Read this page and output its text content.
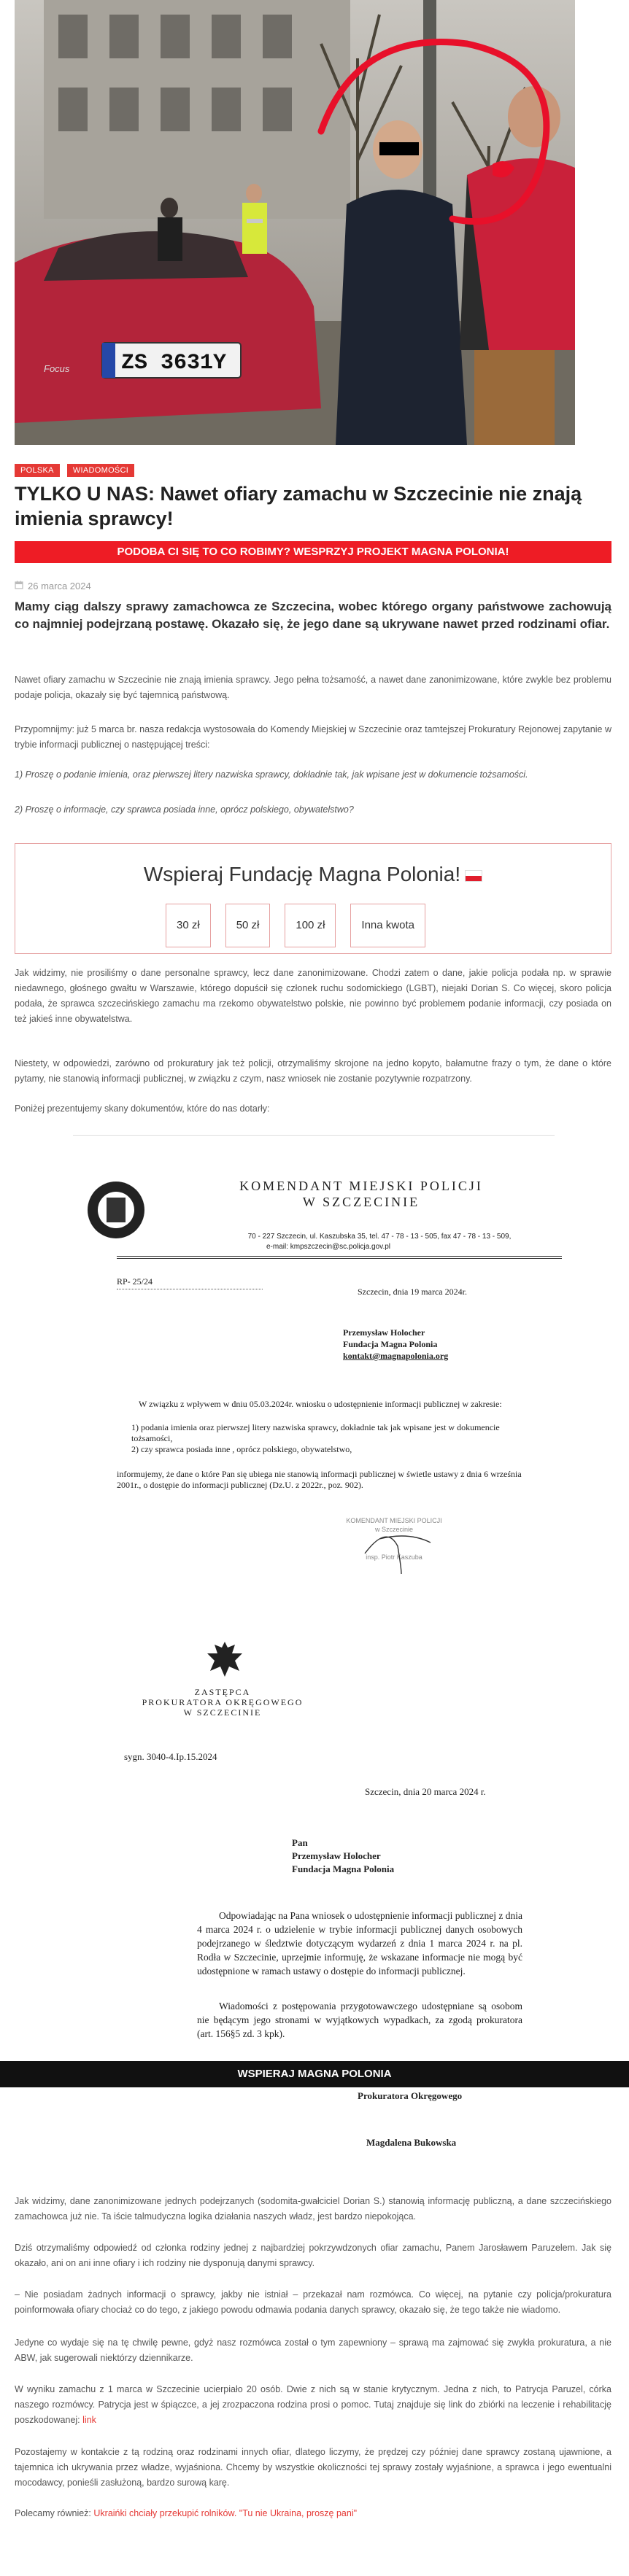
ZS 3631Y
Focus
POLSKA	WIADOMOŚCI
TYLKO U NAS: Nawet ofiary zamachu w Szczecinie nie znają imienia sprawcy!
PODOBA CI SIĘ TO CO ROBIMY? WESPRZYJ PROJEKT MAGNA POLONIA!
26 marca 2024

Mamy ciąg dalszy sprawy zamachowca ze Szczecina, wobec którego organy państwowe zachowują co najmniej podejrzaną postawę. Okazało się, że jego dane są ukrywane nawet przed rodzinami ofiar.

Nawet ofiary zamachu w Szczecinie nie znają imienia sprawcy. Jego pełna tożsamość, a nawet dane zanonimizowane, które zwykle bez problemu podaje policja, okazały się być tajemnicą państwową.

Przypomnijmy: już 5 marca br. nasza redakcja wystosowała do Komendy Miejskiej w Szczecinie oraz tamtejszej Prokuratury Rejonowej zapytanie w trybie informacji publicznej o następującej treści:

1) Proszę o podanie imienia, oraz pierwszej litery nazwiska sprawcy, dokładnie tak, jak wpisane jest w dokumencie tożsamości.

2) Proszę o informacje, czy sprawca posiada inne, oprócz polskiego, obywatelstwo?

Wspieraj Fundację Magna Polonia!
30 zł	50 zł	100 zł	Inna kwota

Jak widzimy, nie prosiliśmy o dane personalne sprawcy, lecz dane zanonimizowane. Chodzi zatem o dane, jakie policja podała np. w sprawie niedawnego, głośnego gwałtu w Warszawie, którego dopuścił się członek ruchu sodomickiego (LGBT), niejaki Dorian S. Co więcej, skoro policja podała, że sprawca szczecińskiego zamachu ma rzekomo obywatelstwo polskie, nie powinno być problemem podanie informacji, czy posiada on też jakieś inne obywatelstwa.

Niestety, w odpowiedzi, zarówno od prokuratury jak też policji, otrzymaliśmy skrojone na jedno kopyto, bałamutne frazy o tym, że dane o które pytamy, nie stanowią informacji publicznej, w związku z czym, nasz wniosek nie zostanie pozytywnie rozpatrzony.

Poniżej prezentujemy skany dokumentów, które do nas dotarły:

KOMENDANT MIEJSKI POLICJI
W SZCZECINIE
70 - 227 Szczecin, ul. Kaszubska 35, tel. 47 - 78 - 13 - 505, fax 47 - 78 - 13 - 509,
e-mail: kmpszczecin@sc.policja.gov.pl
RP- 25/24
Szczecin, dnia 19 marca 2024r.
Przemysław Holocher
Fundacja Magna Polonia
kontakt@magnapolonia.org
W związku z wpływem w dniu 05.03.2024r. wniosku o udostępnienie informacji publicznej w zakresie:
1) podania imienia oraz pierwszej litery nazwiska sprawcy, dokładnie tak jak wpisane jest w dokumencie tożsamości,
2) czy sprawca posiada inne , oprócz polskiego, obywatelstwo,
informujemy, że dane o które Pan się ubiega nie stanowią informacji publicznej w świetle ustawy z dnia 6 września 2001r., o dostępie do informacji publicznej (Dz.U. z 2022r., poz. 902).
KOMENDANT MIEJSKI POLICJI
w Szczecinie
insp. Piotr Kaszuba
ZASTĘPCA
PROKURATORA OKRĘGOWEGO
W SZCZECINIE
sygn. 3040-4.Ip.15.2024
Szczecin, dnia 20 marca 2024 r.
Pan
Przemysław Holocher
Fundacja Magna Polonia
Odpowiadając na Pana wniosek o udostępnienie informacji publicznej z dnia 4 marca 2024 r. o udzielenie w trybie informacji publicznej danych osobowych podejrzanego w śledztwie dotyczącym wydarzeń z dnia 1 marca 2024 r. na pl. Rodła w Szczecinie, uprzejmie informuję, że wskazane informacje nie mogą być udostępnione w ramach ustawy o dostępie do informacji publicznej.
Wiadomości z postępowania przygotowawczego udostępniane są osobom nie będącym jego stronami w wyjątkowych wypadkach, za zgodą prokuratora (art. 156§5 zd. 3 kpk).
WSPIERAJ MAGNA POLONIA
Prokuratora Okręgowego
Magdalena Bukowska

Jak widzimy, dane zanonimizowane jednych podejrzanych (sodomita-gwałciciel Dorian S.) stanowią informację publiczną, a dane szczecińskiego zamachowca już nie. Ta iście talmudyczna logika działania naszych władz, jest bardzo niepokojąca.

Dziś otrzymaliśmy odpowiedź od członka rodziny jednej z najbardziej pokrzywdzonych ofiar zamachu, Panem Jarosławem Paruzelem. Jak się okazało, ani on ani inne ofiary i ich rodziny nie dysponują danymi sprawcy.

– Nie posiadam żadnych informacji o sprawcy, jakby nie istniał – przekazał nam rozmówca. Co więcej, na pytanie czy policja/prokuratura poinformowała ofiary chociaż co do tego, z jakiego powodu odmawia podania danych sprawcy, okazało się, że tego także nie wiadomo.

Jedyne co wydaje się na tę chwilę pewne, gdyż nasz rozmówca został o tym zapewniony – sprawą ma zajmować się zwykła prokuratura, a nie ABW, jak sugerowali niektórzy dziennikarze.

W wyniku zamachu z 1 marca w Szczecinie ucierpiało 20 osób. Dwie z nich są w stanie krytycznym. Jedna z nich, to Patrycja Paruzel, córka naszego rozmówcy. Patrycja jest w śpiączce, a jej zrozpaczona rodzina prosi o pomoc. Tutaj znajduje się link do zbiórki na leczenie i rehabilitację poszkodowanej: link

Pozostajemy w kontakcie z tą rodziną oraz rodzinami innych ofiar, dlatego liczymy, że prędzej czy później dane sprawcy zostaną ujawnione, a tajemnica ich ukrywania przez władze, wyjaśniona. Chcemy by wszystkie okoliczności tej sprawy zostały wyjaśnione, a sprawca i jego ewentualni mocodawcy, ponieśli zasłużoną, bardzo surową karę.

Polecamy również: Ukraińki chciały przekupić rolników. "Tu nie Ukraina, proszę pani"
